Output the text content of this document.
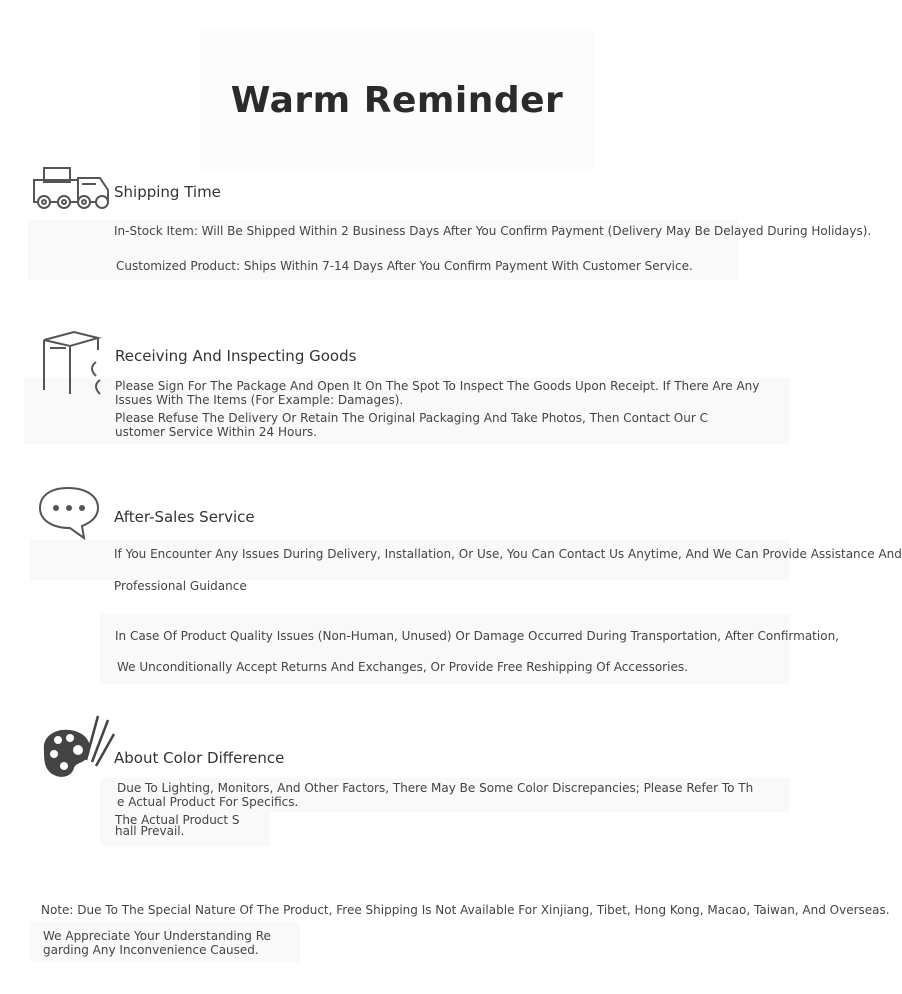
Warm Reminder
Shipping Time
In-Stock Item: Will Be Shipped Within 2 Business Days After You Confirm Payment (Delivery May Be Delayed During Holidays).
Customized Product: Ships Within 7-14 Days After You Confirm Payment With Customer Service.
Receiving And Inspecting Goods
Please Sign For The Package And Open It On The Spot To Inspect The Goods Upon Receipt. If There Are Any Issues With The Items (For Example: Damages).
Please Refuse The Delivery Or Retain The Original Packaging And Take Photos, Then Contact Our Customer Service Within 24 Hours.
After-Sales Service
If You Encounter Any Issues During Delivery, Installation, Or Use, You Can Contact Us Anytime, And We Can Provide Assistance And
Professional Guidance
In Case Of Product Quality Issues (Non-Human, Unused) Or Damage Occurred During Transportation, After Confirmation,
We Unconditionally Accept Returns And Exchanges, Or Provide Free Reshipping Of Accessories.
About Color Difference
Due To Lighting, Monitors, And Other Factors, There May Be Some Color Discrepancies; Please Refer To The Actual Product For Specifics.
The Actual Product Shall Prevail.
Note: Due To The Special Nature Of The Product, Free Shipping Is Not Available For Xinjiang, Tibet, Hong Kong, Macao, Taiwan, And Overseas.
We Appreciate Your Understanding Regarding Any Inconvenience Caused.
